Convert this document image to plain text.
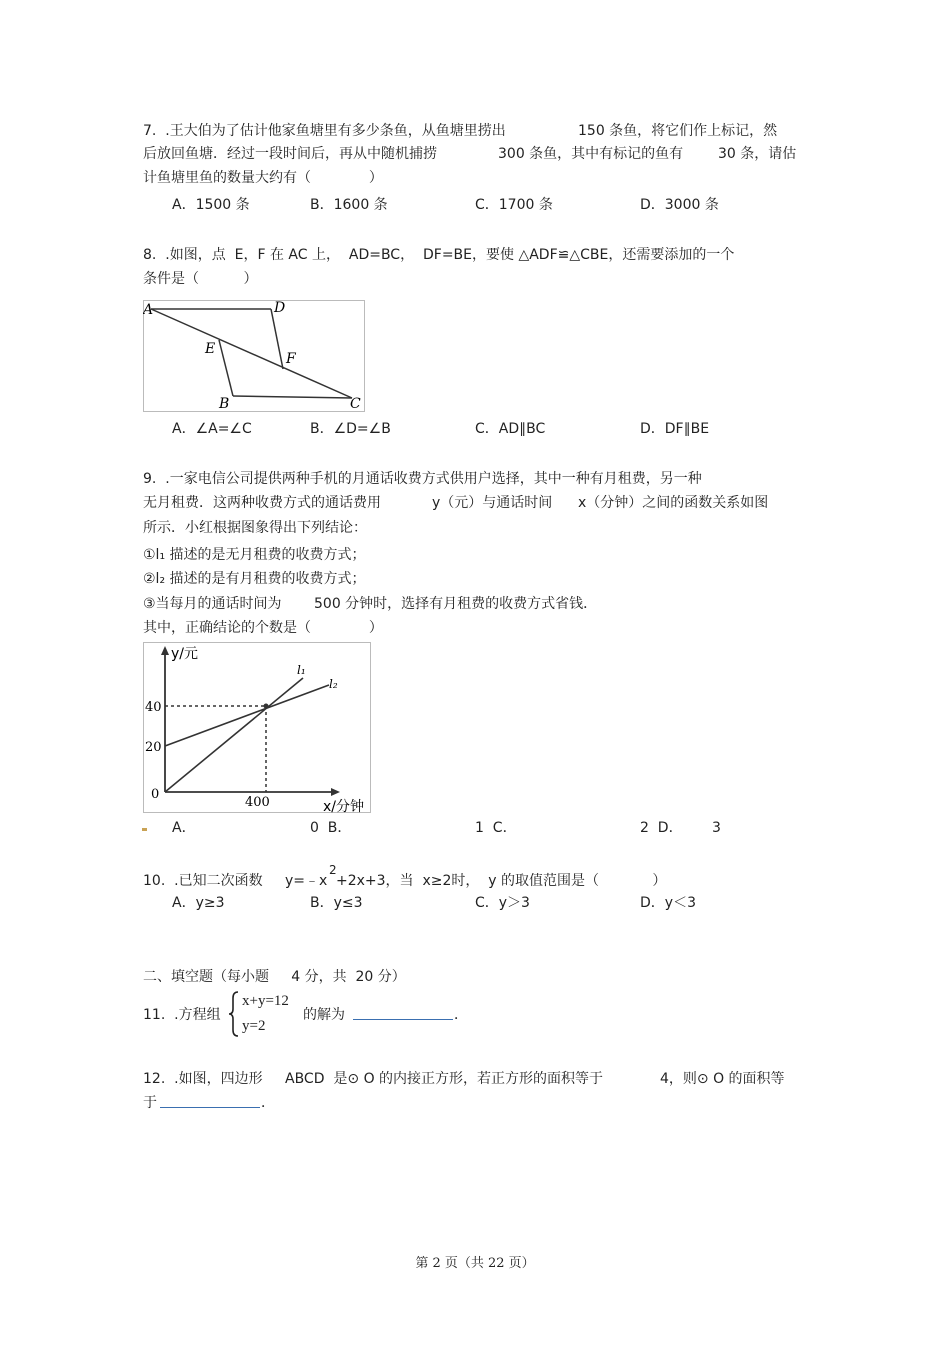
7.  .王大伯为了估计他家鱼塘里有多少条鱼，从鱼塘里捞出	150 条鱼，将它们作上标记，然
后放回鱼塘．经过一段时间后，再从中随机捕捞	300 条鱼，其中有标记的鱼有 30 条，请估
计鱼塘里鱼的数量大约有（             ）
A．1500 条	B．1600 条	C．1700 条	D．3000 条
8.  .如图，点  E，F 在 AC 上，  AD=BC，  DF=BE，要使 △ADF≌△CBE，还需要添加的一个
条件是（          ）
A	D
E
F
B	C
A．∠A=∠C	B．∠D=∠B	C．AD∥BC	D．DF∥BE
9.  .一家电信公司提供两种手机的月通话收费方式供用户选择，其中一种有月租费，另一种
无月租费．这两种收费方式的通话费用	y（元）与通话时间 x（分钟）之间的函数关系如图
所示．小红根据图象得出下列结论：
①l₁ 描述的是无月租费的收费方式；
②l₂ 描述的是有月租费的收费方式；
③当每月的通话时间为 500 分钟时，选择有月租费的收费方式省钱．
其中，正确结论的个数是（             ）
y/元
x/分钟
l₁
l₂
40
20
0
400
A．	0  B．	1  C．	2  D． 3
10.  .已知二次函数 y=﹣x
2
+2x+3，当  x≥2时，  y 的取值范围是（            ）
A．y≥3	B．y≤3	C．y＞3	D．y＜3
二、填空题（每小题     4 分，共  20 分）
11.  .方程组
x+y=12
y=2
的解为	．
12.  .如图，四边形 ABCD  是⊙ O 的内接正方形，若正方形的面积等于	4，则⊙ O 的面积等
于	．
第 2 页（共 22 页）
